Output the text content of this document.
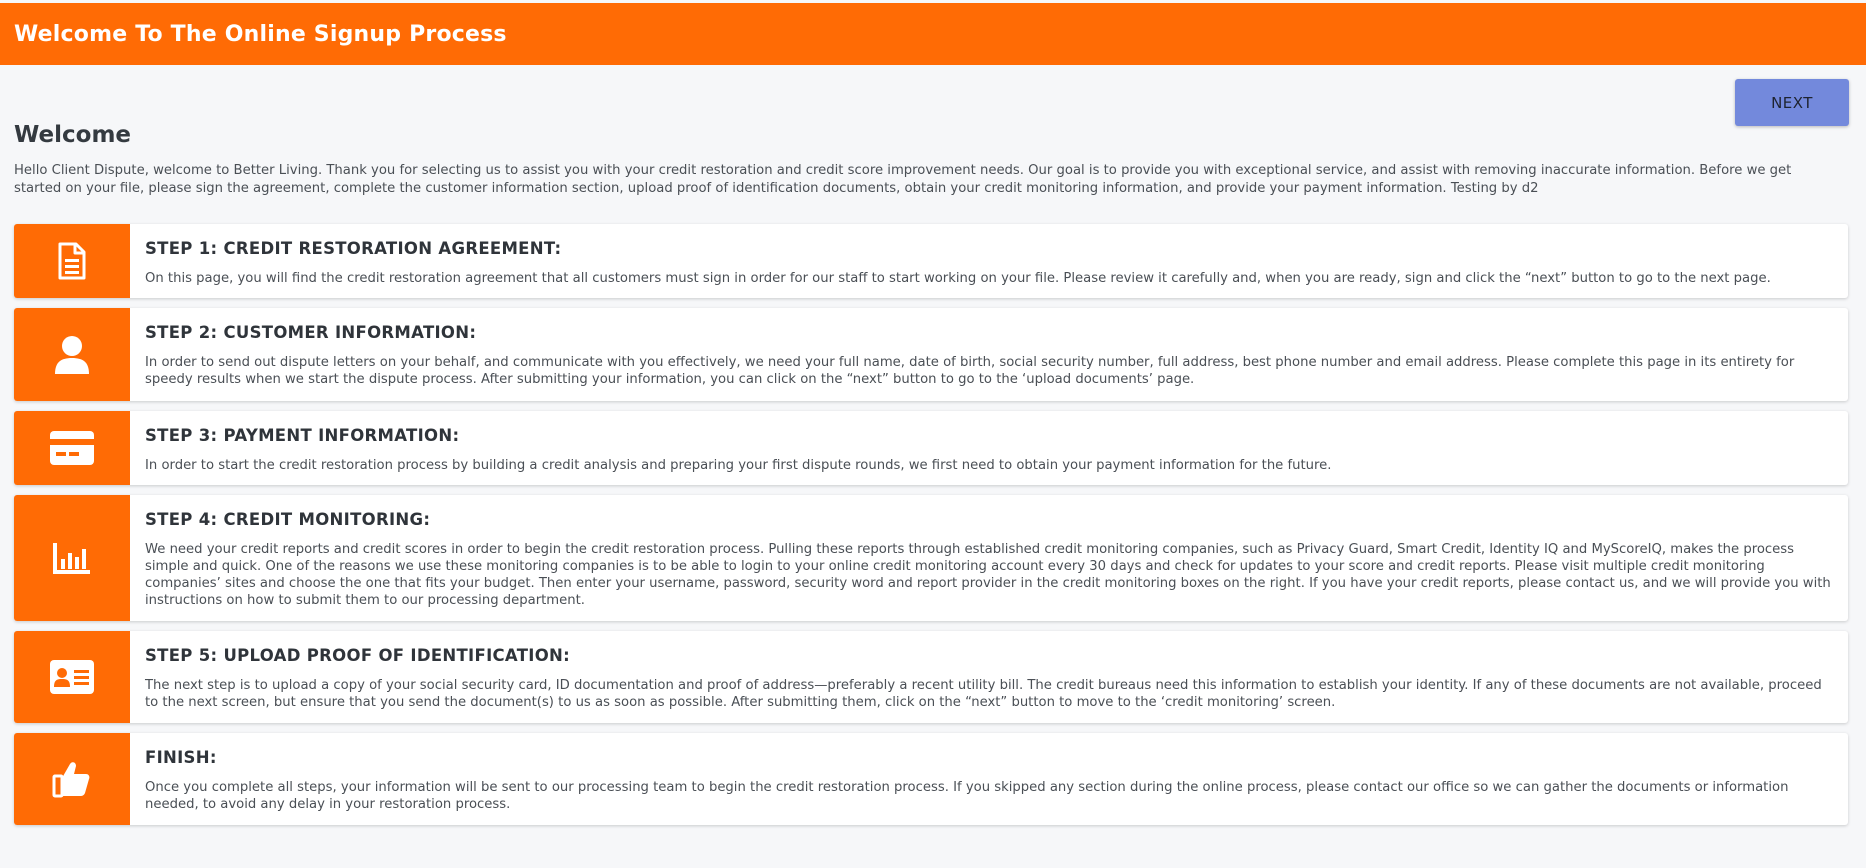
Welcome To The Online Signup Process
NEXT
Welcome

Hello Client Dispute, welcome to Better Living. Thank you for selecting us to assist you with your credit restoration and credit score improvement needs. Our goal is to provide you with exceptional service, and assist with removing inaccurate information. Before we get started on your file, please sign the agreement, complete the customer information section, upload proof of identification documents, obtain your credit monitoring information, and provide your payment information. Testing by d2

STEP 1: CREDIT RESTORATION AGREEMENT:

On this page, you will find the credit restoration agreement that all customers must sign in order for our staff to start working on your file. Please review it carefully and, when you are ready, sign and click the “next” button to go to the next page.

STEP 2: CUSTOMER INFORMATION:

In order to send out dispute letters on your behalf, and communicate with you effectively, we need your full name, date of birth, social security number, full address, best phone number and email address. Please complete this page in its entirety for speedy results when we start the dispute process. After submitting your information, you can click on the “next” button to go to the ‘upload documents’ page.

STEP 3: PAYMENT INFORMATION:

In order to start the credit restoration process by building a credit analysis and preparing your first dispute rounds, we first need to obtain your payment information for the future.

STEP 4: CREDIT MONITORING:

We need your credit reports and credit scores in order to begin the credit restoration process. Pulling these reports through established credit monitoring companies, such as Privacy Guard, Smart Credit, Identity IQ and MyScoreIQ, makes the process simple and quick. One of the reasons we use these monitoring companies is to be able to login to your online credit monitoring account every 30 days and check for updates to your score and credit reports. Please visit multiple credit monitoring companies’ sites and choose the one that fits your budget. Then enter your username, password, security word and report provider in the credit monitoring boxes on the right. If you have your credit reports, please contact us, and we will provide you with instructions on how to submit them to our processing department.

STEP 5: UPLOAD PROOF OF IDENTIFICATION:

The next step is to upload a copy of your social security card, ID documentation and proof of address—preferably a recent utility bill. The credit bureaus need this information to establish your identity. If any of these documents are not available, proceed to the next screen, but ensure that you send the document(s) to us as soon as possible. After submitting them, click on the “next” button to move to the ‘credit monitoring’ screen.

FINISH:

Once you complete all steps, your information will be sent to our processing team to begin the credit restoration process. If you skipped any section during the online process, please contact our office so we can gather the documents or information needed, to avoid any delay in your restoration process.
